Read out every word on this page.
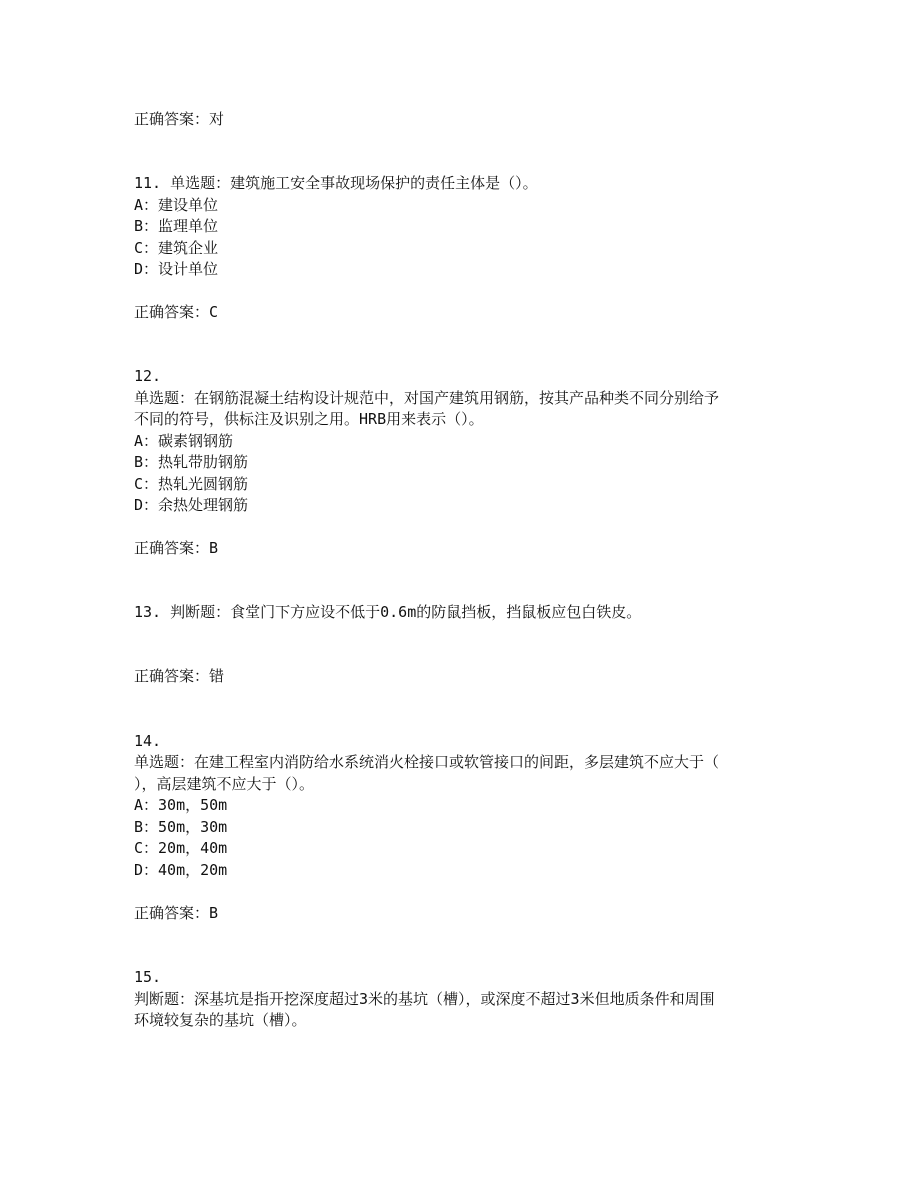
正确答案：对
11. 单选题：建筑施工安全事故现场保护的责任主体是（）。
A：建设单位
B：监理单位
C：建筑企业
D：设计单位
正确答案：C
12.
单选题：在钢筋混凝土结构设计规范中，对国产建筑用钢筋，按其产品种类不同分别给予
不同的符号，供标注及识别之用。HRB用来表示（）。
A：碳素钢钢筋
B：热轧带肋钢筋
C：热轧光圆钢筋
D：余热处理钢筋
正确答案：B
13. 判断题：食堂门下方应设不低于0.6m的防鼠挡板，挡鼠板应包白铁皮。
正确答案：错
14.
单选题：在建工程室内消防给水系统消火栓接口或软管接口的间距，多层建筑不应大于（
），高层建筑不应大于（）。
A：30m，50m
B：50m，30m
C：20m，40m
D：40m，20m
正确答案：B
15.
判断题：深基坑是指开挖深度超过3米的基坑（槽），或深度不超过3米但地质条件和周围
环境较复杂的基坑（槽）。
